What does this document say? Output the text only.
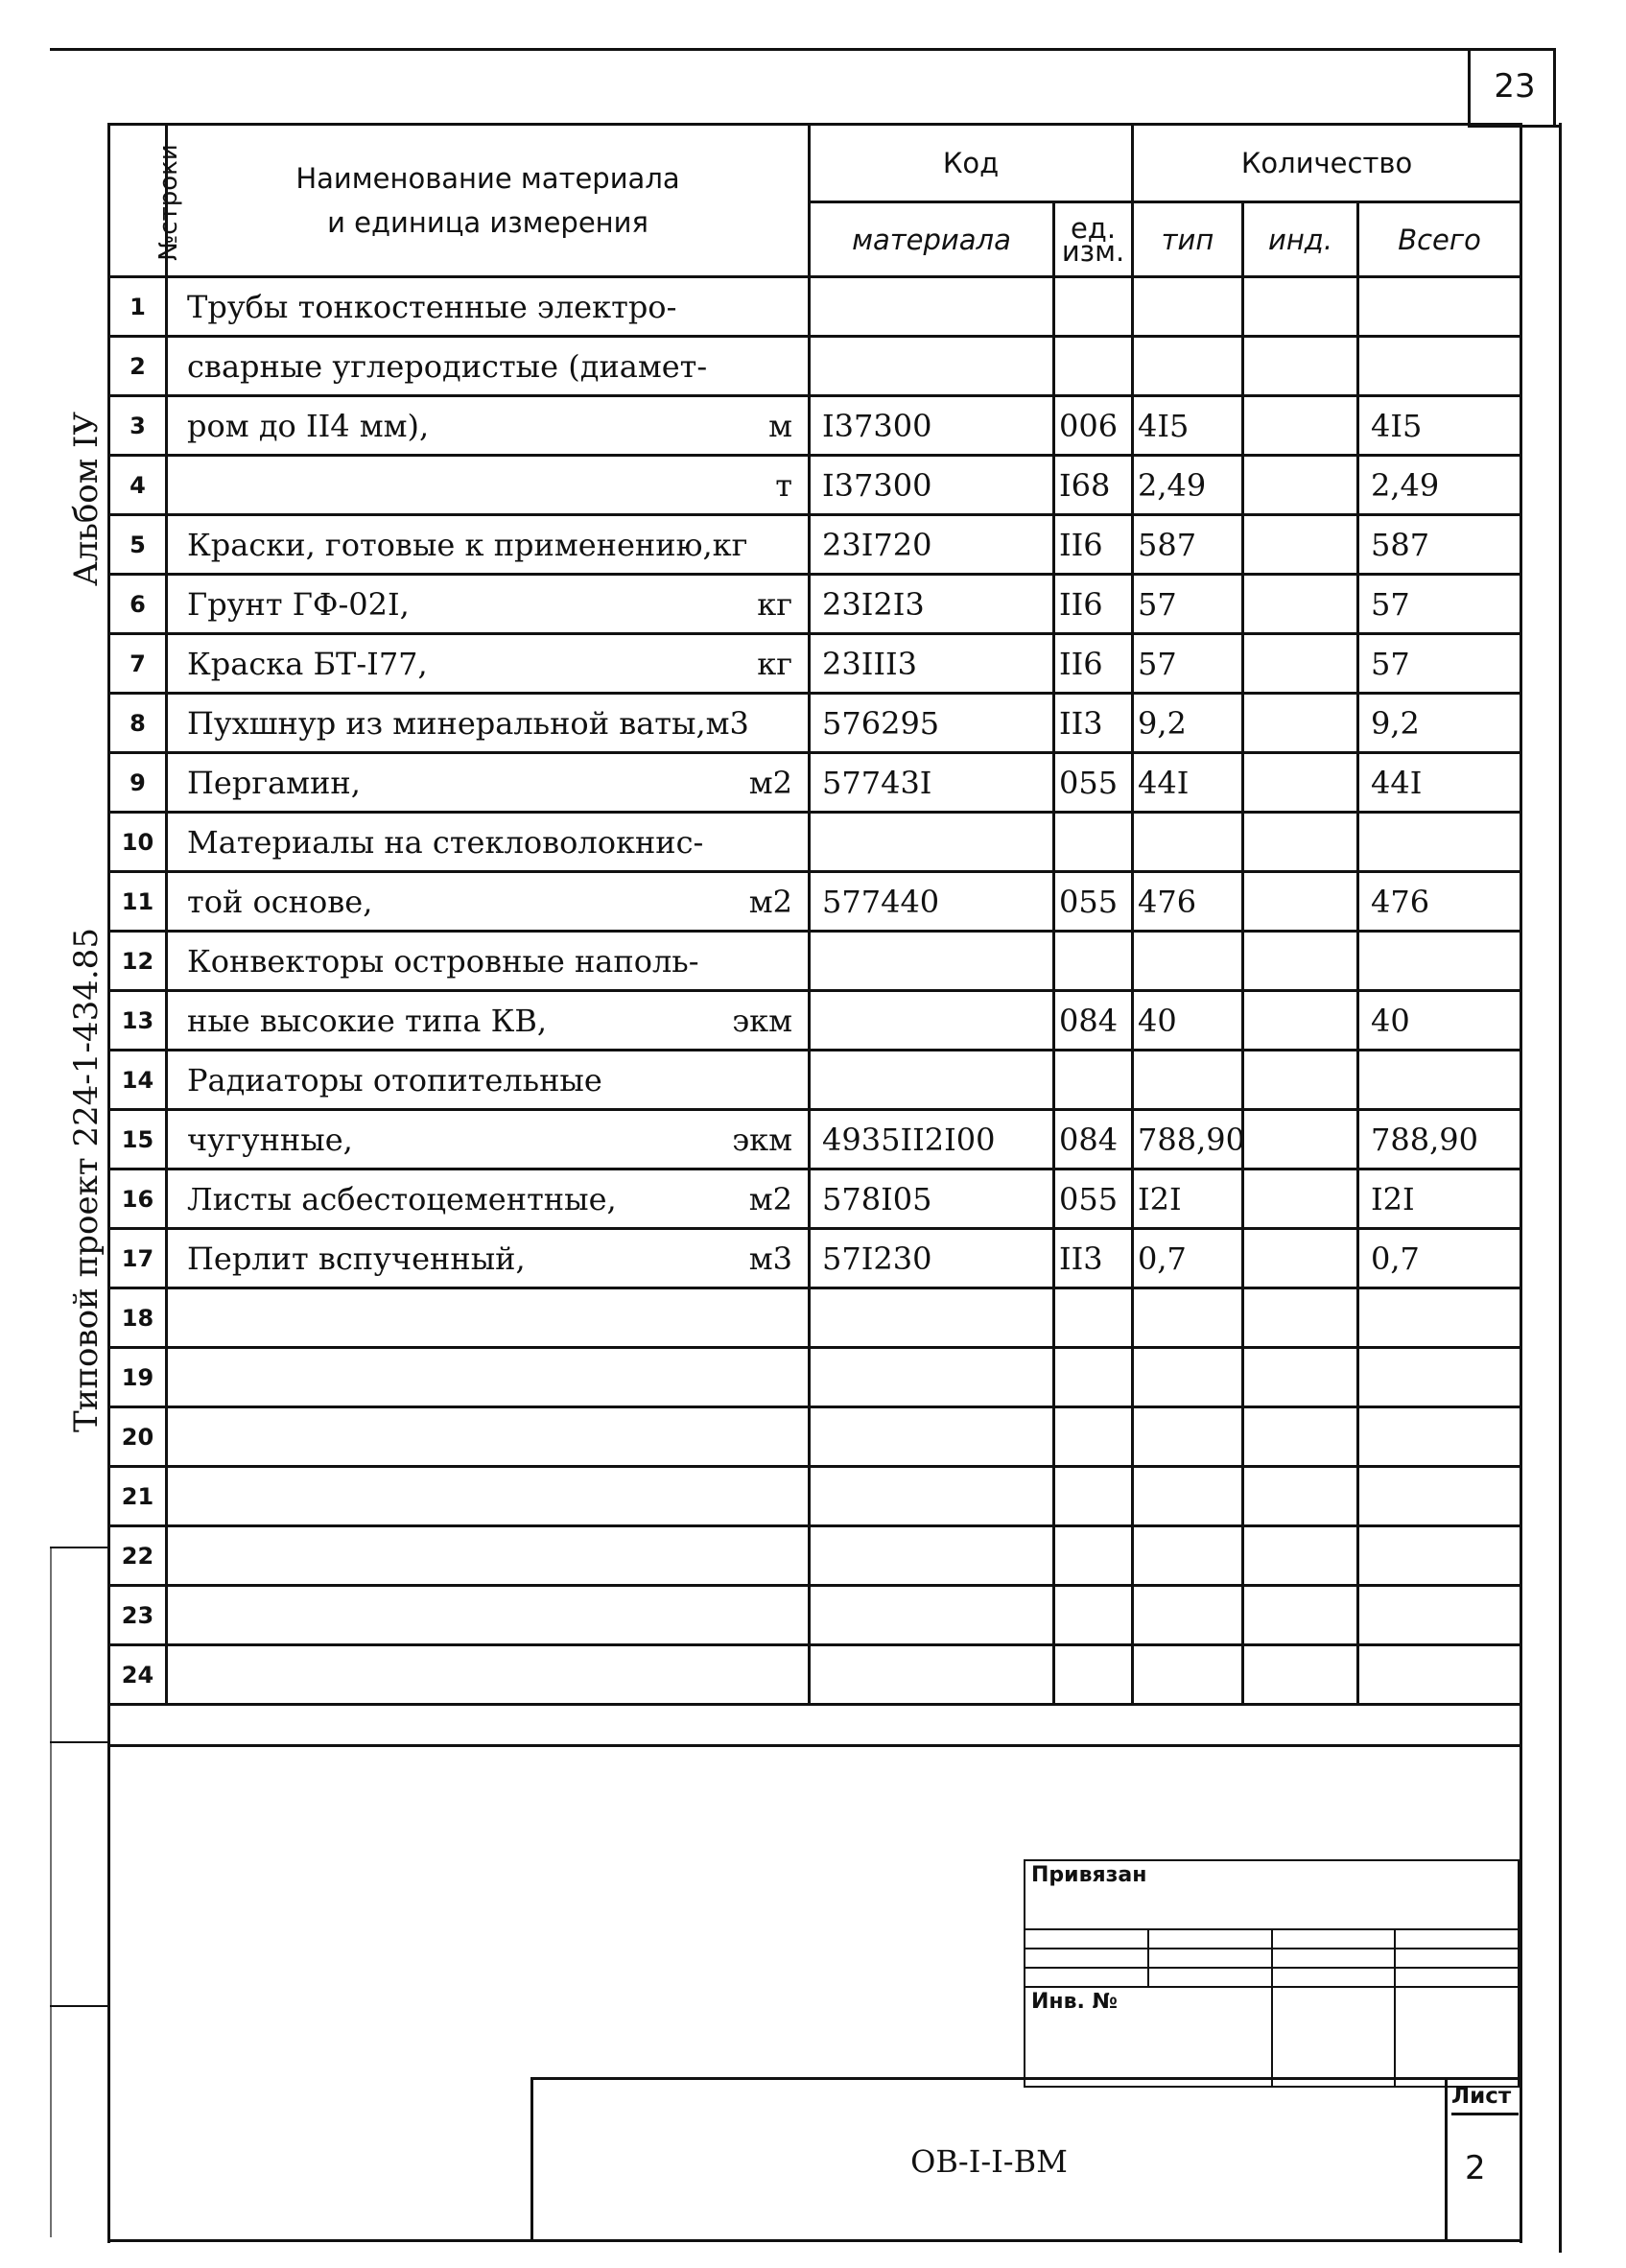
23
Альбом IУ
Типовой проект 224-1-434.85
№строки	Наименование материала
и единица измерения	Код		Количество		
		материала	ед.
изм.	тип	инд.	Всего
1	Трубы тонкостенные электро-

2	сварные углеродистые (диамет-

3	ром до II4 мм), м	I37300	006	4I5		4I5
4	т	I37300	I68	2,49		2,49
5	Краски, готовые к применению,кг	23I720	II6	587		587
6	Грунт ГФ-02I, кг	23I2I3	II6	57		57
7	Краска БТ-I77, кг	23III3	II6	57		57
8	Пухшнур из минеральной ваты,м3	576295	II3	9,2		9,2
9	Пергамин, м2	57743I	055	44I		44I
10	Материалы на стекловолокнис-

11	той основе, м2	577440	055	476		476
12	Конвекторы островные наполь-

13	ные высокие типа КВ, экм		084	40		40
14	Радиаторы отопительные

15	чугунные, экм	4935II2I00	084	788,90		788,90
16	Листы асбестоцементные, м2	578I05	055	I2I		I2I
17	Перлит вспученный, м3	57I230	II3	0,7		0,7
18	

19	

20	

21	

22	

23	

24	

Привязан			

Инв. №			
ОВ-I-I-ВМ
Лист
2
